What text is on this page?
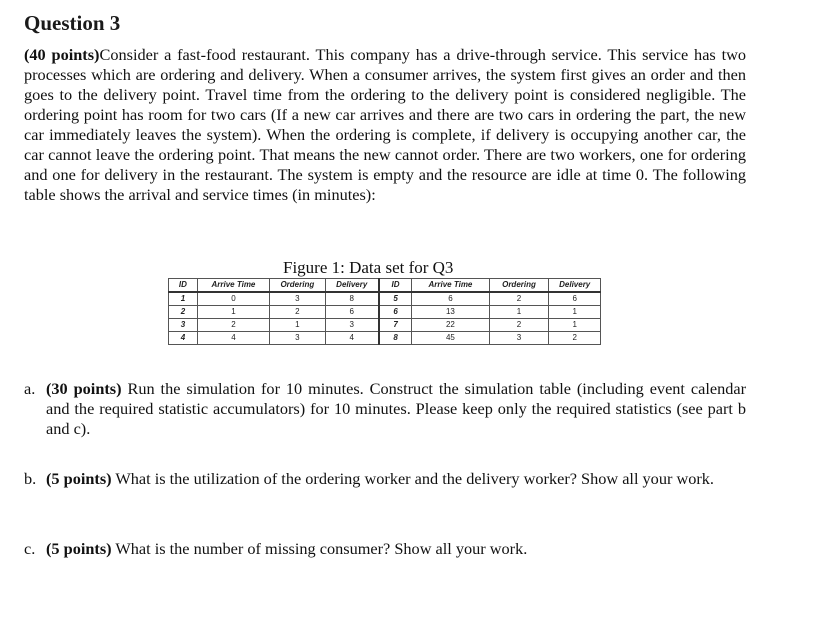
Question 3

(40 points)Consider a fast-food restaurant. This company has a drive-through service. This service has two processes which are ordering and delivery. When a consumer arrives, the system first gives an order and then goes to the delivery point. Travel time from the ordering to the delivery point is considered negligible. The ordering point has room for two cars (If a new car arrives and there are two cars in ordering the part, the new car immediately leaves the system). When the ordering is complete, if delivery is occupying another car, the car cannot leave the ordering point. That means the new cannot order. There are two workers, one for ordering and one for delivery in the restaurant. The system is empty and the resource are idle at time 0. The following table shows the arrival and service times (in minutes):

Figure 1: Data set for Q3

ID	Arrive Time	Ordering	Delivery	ID	Arrive Time	Ordering	Delivery
1	0	3	8	5	6	2	6
2	1	2	6	6	13	1	1
3	2	1	3	7	22	2	1
4	4	3	4	8	45	3	2
a. (30 points) Run the simulation for 10 minutes. Construct the simulation table (including event calendar and the required statistic accumulators) for 10 minutes. Please keep only the required statistics (see part b and c).
b. (5 points) What is the utilization of the ordering worker and the delivery worker? Show all your work.
c. (5 points) What is the number of missing consumer? Show all your work.
